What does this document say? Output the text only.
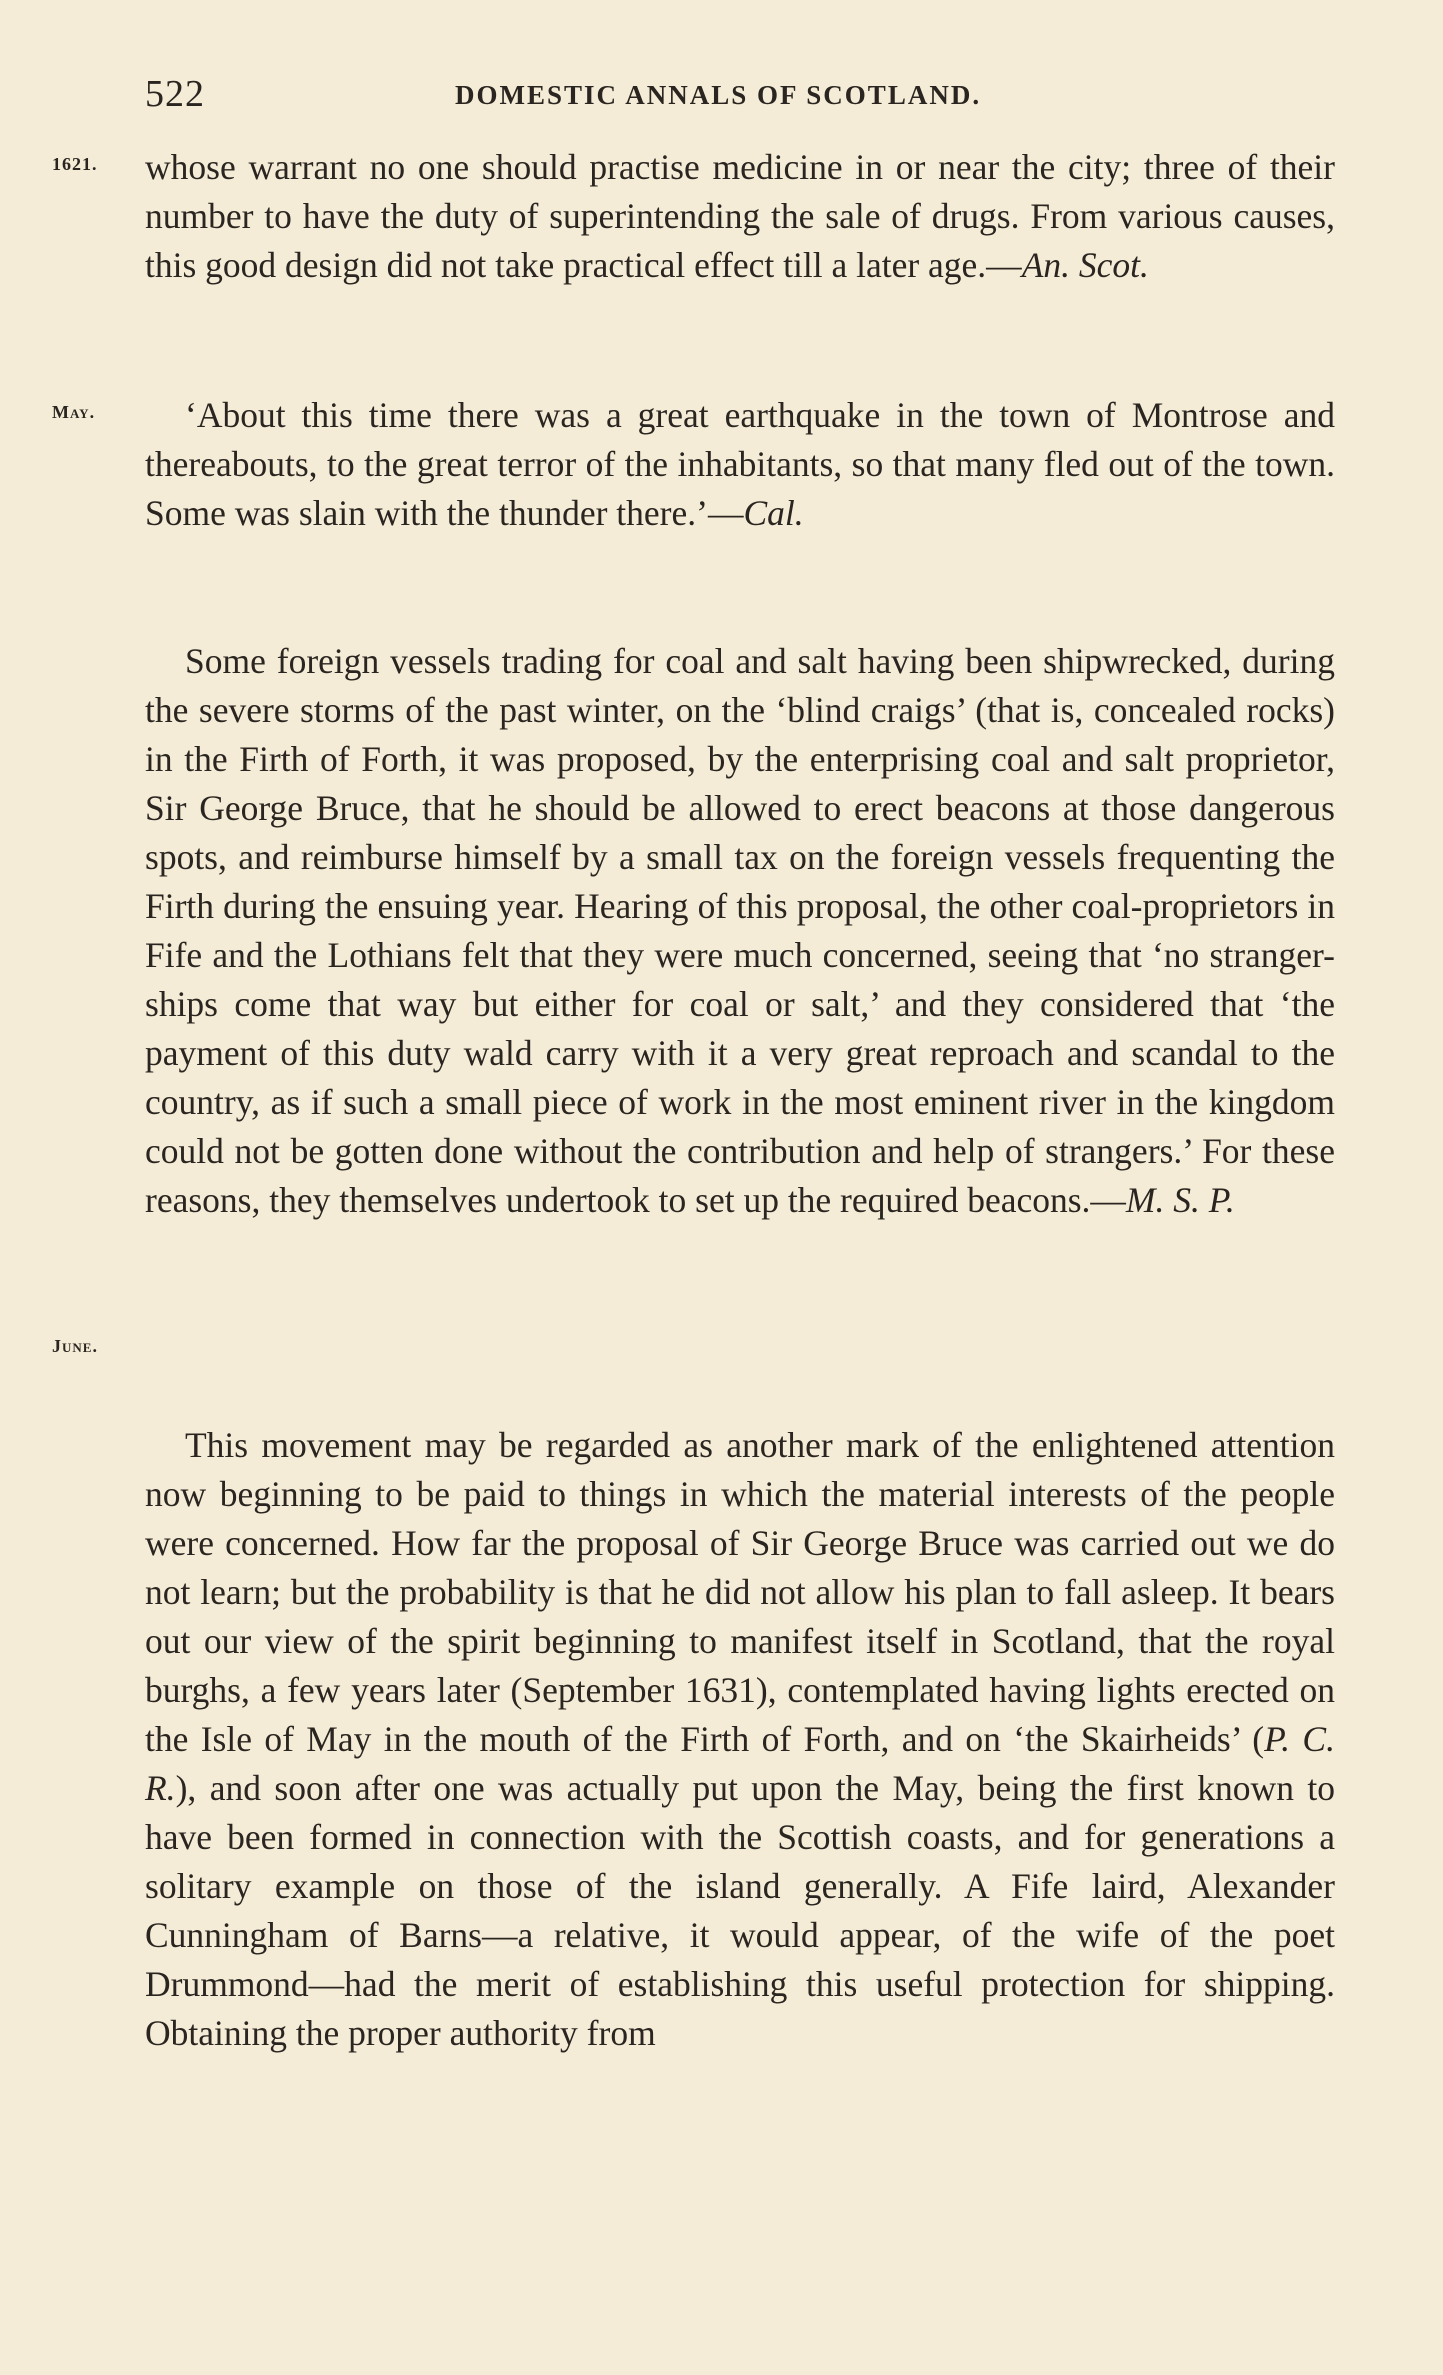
522	DOMESTIC ANNALS OF SCOTLAND.
1621.
May.
June.

whose warrant no one should practise medicine in or near the city; three of their number to have the duty of superintending the sale of drugs. From various causes, this good design did not take practical effect till a later age.—An. Scot.

‘About this time there was a great earthquake in the town of Montrose and thereabouts, to the great terror of the inhabitants, so that many fled out of the town. Some was slain with the thunder there.’—Cal.

Some foreign vessels trading for coal and salt having been shipwrecked, during the severe storms of the past winter, on the ‘blind craigs’ (that is, concealed rocks) in the Firth of Forth, it was proposed, by the enterprising coal and salt proprietor, Sir George Bruce, that he should be allowed to erect beacons at those dangerous spots, and reimburse himself by a small tax on the foreign vessels frequenting the Firth during the ensuing year. Hearing of this proposal, the other coal-proprietors in Fife and the Lothians felt that they were much concerned, seeing that ‘no stranger-ships come that way but either for coal or salt,’ and they considered that ‘the payment of this duty wald carry with it a very great reproach and scandal to the country, as if such a small piece of work in the most eminent river in the kingdom could not be gotten done without the contribution and help of strangers.’ For these reasons, they themselves undertook to set up the required beacons.—M. S. P.

This movement may be regarded as another mark of the enlightened attention now beginning to be paid to things in which the material interests of the people were concerned. How far the proposal of Sir George Bruce was carried out we do not learn; but the probability is that he did not allow his plan to fall asleep. It bears out our view of the spirit beginning to manifest itself in Scotland, that the royal burghs, a few years later (September 1631), contemplated having lights erected on the Isle of May in the mouth of the Firth of Forth, and on ‘the Skairheids’ (P. C. R.), and soon after one was actually put upon the May, being the first known to have been formed in connection with the Scottish coasts, and for generations a solitary example on those of the island generally. A Fife laird, Alexander Cunningham of Barns—a relative, it would appear, of the wife of the poet Drummond—had the merit of establishing this useful protection for shipping. Obtaining the proper authority from
